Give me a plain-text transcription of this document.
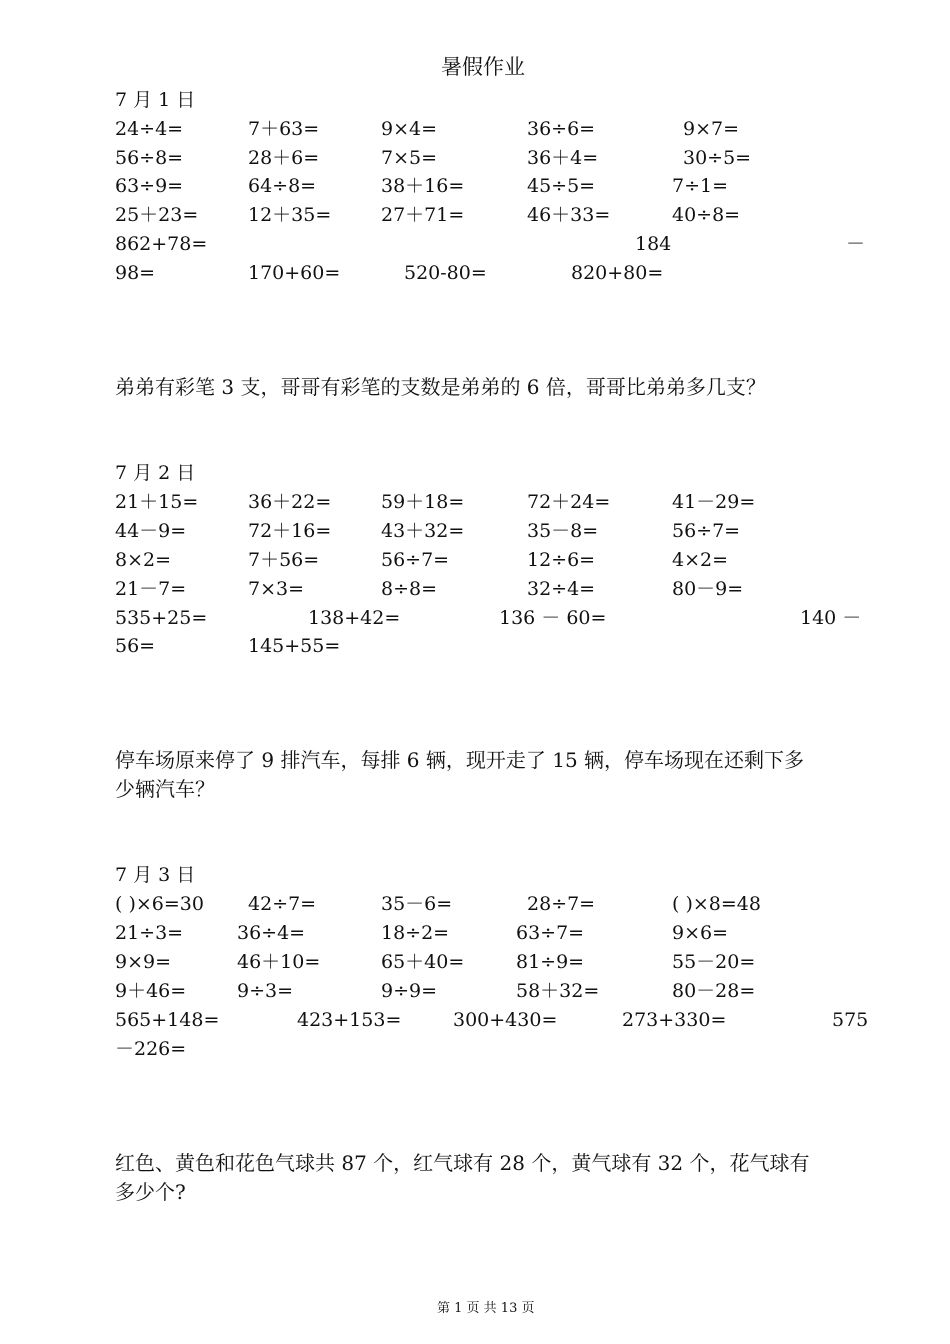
暑假作业
7 月 1 日
24÷4=	7＋63=	9×4=	36÷6=	9×7=
56÷8=	28＋6=	7×5=	36＋4=	30÷5=
63÷9=	64÷8=	38＋16=	45÷5=	7÷1=
25＋23=	12＋35=	27＋71=	46＋33=	40÷8=
862+78=	184	－
98=	170+60=	520-80=	820+80=
弟弟有彩笔 3 支，哥哥有彩笔的支数是弟弟的 6 倍，哥哥比弟弟多几支？
7 月 2 日
21＋15=	36＋22=	59＋18=	72＋24=	41－29=
44－9=	72＋16=	43＋32=	35－8=	56÷7=
8×2=	7＋56=	56÷7=	12÷6=	4×2=
21－7=	7×3=	8÷8=	32÷4=	80－9=
535+25=	138+42=	136 － 60=	140 －
56=	145+55=
停车场原来停了 9 排汽车，每排 6 辆，现开走了 15 辆，停车场现在还剩下多
少辆汽车？
7 月 3 日
( )×6=30 42÷7=	35－6=	28÷7=	( )×8=48
21÷3=	36÷4=	18÷2=	63÷7=	9×6=
9×9=	46＋10=	65＋40=	81÷9=	55－20=
9＋46=	9÷3=	9÷9=	58＋32=	80－28=
565+148=	423+153=	300+430=	273+330=	575
－226=
红色、黄色和花色气球共 87 个，红气球有 28 个，黄气球有 32 个，花气球有
多少个?
第 1 页 共 13 页
